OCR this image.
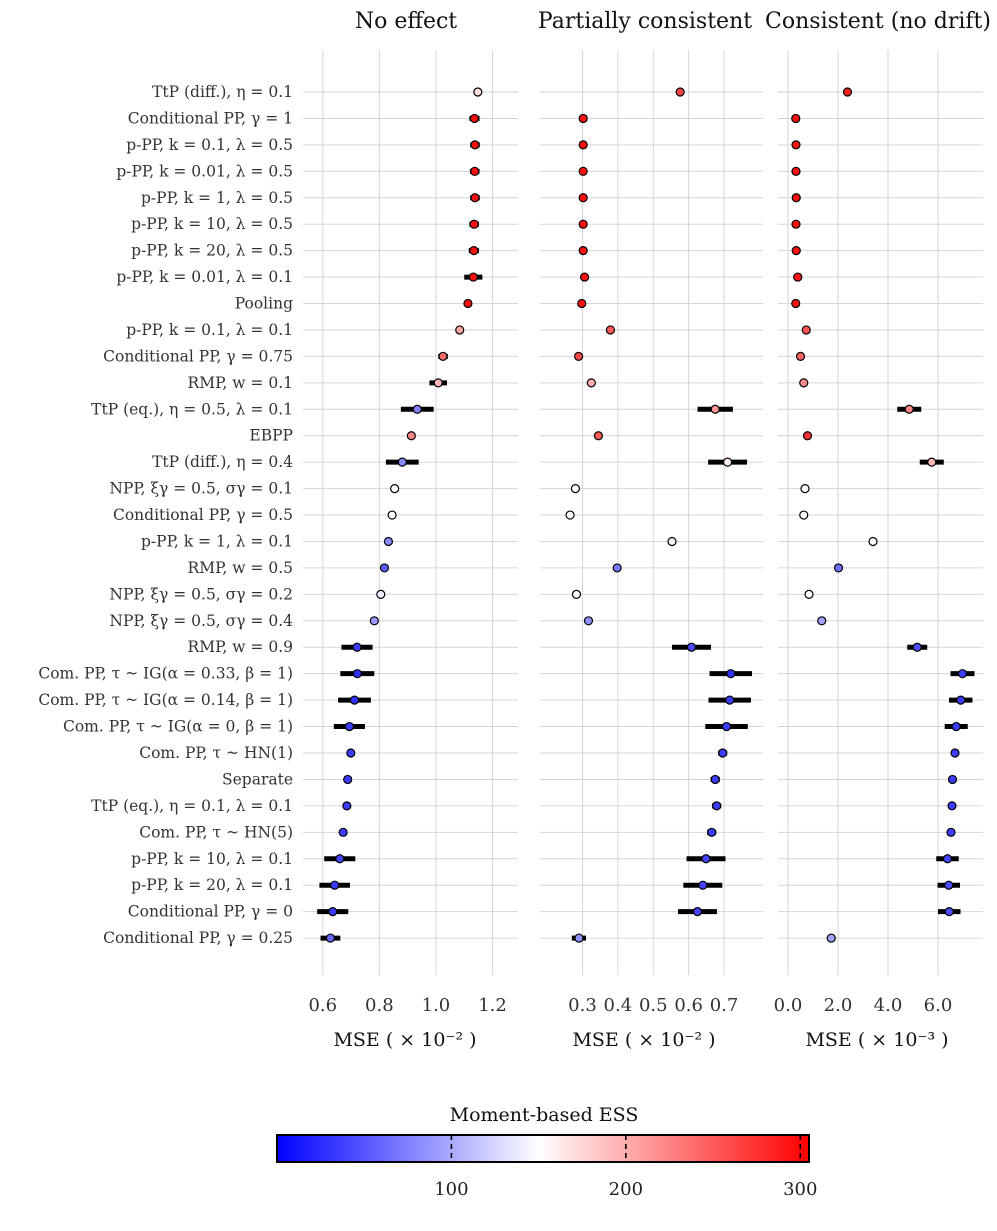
TtP (diff.), η = 0.1
Conditional PP, γ = 1
p-PP, k = 0.1, λ = 0.5
p-PP, k = 0.01, λ = 0.5
p-PP, k = 1, λ = 0.5
p-PP, k = 10, λ = 0.5
p-PP, k = 20, λ = 0.5
p-PP, k = 0.01, λ = 0.1
Pooling
p-PP, k = 0.1, λ = 0.1
Conditional PP, γ = 0.75
RMP, w = 0.1
TtP (eq.), η = 0.5, λ = 0.1
EBPP
TtP (diff.), η = 0.4
NPP, ξγ = 0.5, σγ = 0.1
Conditional PP, γ = 0.5
p-PP, k = 1, λ = 0.1
RMP, w = 0.5
NPP, ξγ = 0.5, σγ = 0.2
NPP, ξγ = 0.5, σγ = 0.4
RMP, w = 0.9
Com. PP, τ ~ IG(α = 0.33, β = 1)
Com. PP, τ ~ IG(α = 0.14, β = 1)
Com. PP, τ ~ IG(α = 0, β = 1)
Com. PP, τ ~ HN(1)
Separate
TtP (eq.), η = 0.1, λ = 0.1
Com. PP, τ ~ HN(5)
p-PP, k = 10, λ = 0.1
p-PP, k = 20, λ = 0.1
Conditional PP, γ = 0
Conditional PP, γ = 0.25
No effect
0.6 0.8 1.0 1.2
MSE ( × 10⁻² )
Partially consistent
0.3 0.4 0.5 0.6 0.7
MSE ( × 10⁻² )
Consistent (no drift)
0.0 2.0 4.0 6.0
MSE ( × 10⁻³ )
Moment-based ESS
100	200	300
